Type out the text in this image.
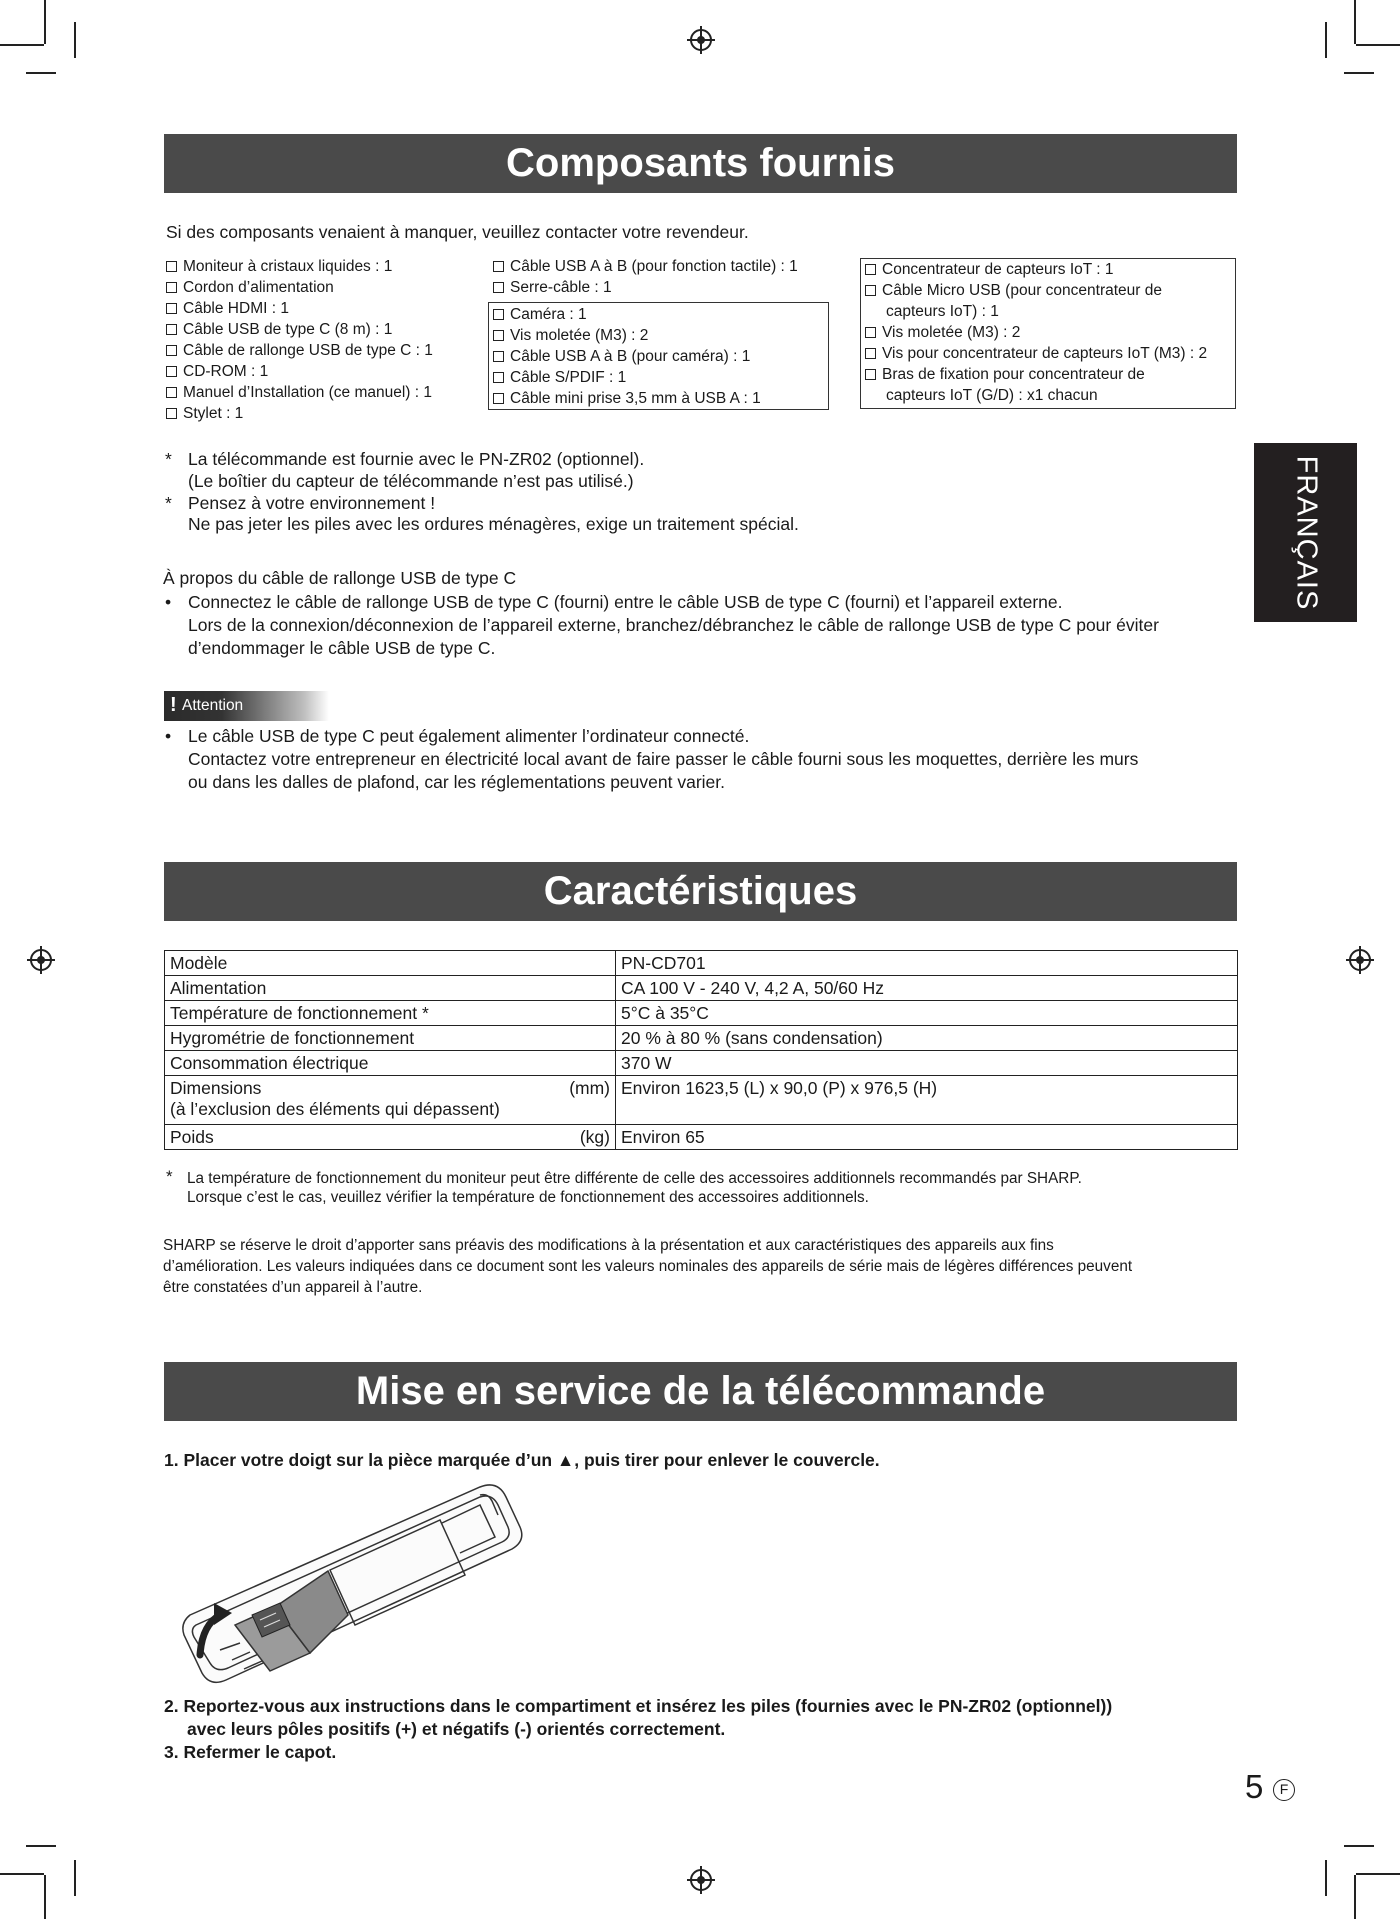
Composants fournis
Si des composants venaient à manquer, veuillez contacter votre revendeur.
Moniteur à cristaux liquides : 1
Cordon d’alimentation
Câble HDMI : 1
Câble USB de type C (8 m) : 1
Câble de rallonge USB de type C : 1
CD-ROM : 1
Manuel d’Installation (ce manuel) : 1
Stylet : 1
Câble USB A à B (pour fonction tactile) : 1
Serre-câble : 1
Caméra : 1
Vis moletée (M3) : 2
Câble USB A à B (pour caméra) : 1
Câble S/PDIF : 1
Câble mini prise 3,5 mm à USB A : 1
Concentrateur de capteurs IoT : 1
Câble Micro USB (pour concentrateur de
capteurs IoT) : 1
Vis moletée (M3) : 2
Vis pour concentrateur de capteurs IoT (M3) : 2
Bras de fixation pour concentrateur de
capteurs IoT (G/D) : x1 chacun
* La télécommande est fournie avec le PN-ZR02 (optionnel).
(Le boîtier du capteur de télécommande n’est pas utilisé.)
* Pensez à votre environnement !
Ne pas jeter les piles avec les ordures ménagères, exige un traitement spécial.
À propos du câble de rallonge USB de type C
• Connectez le câble de rallonge USB de type C (fourni) entre le câble USB de type C (fourni) et l’appareil externe.
Lors de la connexion/déconnexion de l’appareil externe, branchez/débranchez le câble de rallonge USB de type C pour éviter
d’endommager le câble USB de type C.
! Attention
• Le câble USB de type C peut également alimenter l’ordinateur connecté.
Contactez votre entrepreneur en électricité local avant de faire passer le câble fourni sous les moquettes, derrière les murs
ou dans les dalles de plafond, car les réglementations peuvent varier.
FRANÇAIS
Caractéristiques
Modèle	PN-CD701
Alimentation	CA 100 V - 240 V, 4,2 A, 50/60 Hz
Température de fonctionnement *	5°C à 35°C
Hygrométrie de fonctionnement	20 % à 80 % (sans condensation)
Consommation électrique	370 W

Dimensions
(à l’exclusion des éléments qui dépassent)
(mm)	Environ 1623,5 (L) x 90,0 (P) x 976,5 (H)
Poids (kg)	Environ 65
* La température de fonctionnement du moniteur peut être différente de celle des accessoires additionnels recommandés par SHARP.
Lorsque c’est le cas, veuillez vérifier la température de fonctionnement des accessoires additionnels.
SHARP se réserve le droit d’apporter sans préavis des modifications à la présentation et aux caractéristiques des appareils aux fins
d’amélioration. Les valeurs indiquées dans ce document sont les valeurs nominales des appareils de série mais de légères différences peuvent
être constatées d’un appareil à l’autre.
Mise en service de la télécommande
1. Placer votre doigt sur la pièce marquée d’un ▲, puis tirer pour enlever le couvercle.
2. Reportez-vous aux instructions dans le compartiment et insérez les piles (fournies avec le PN-ZR02 (optionnel))
avec leurs pôles positifs (+) et négatifs (-) orientés correctement.
3. Refermer le capot.
5	F
